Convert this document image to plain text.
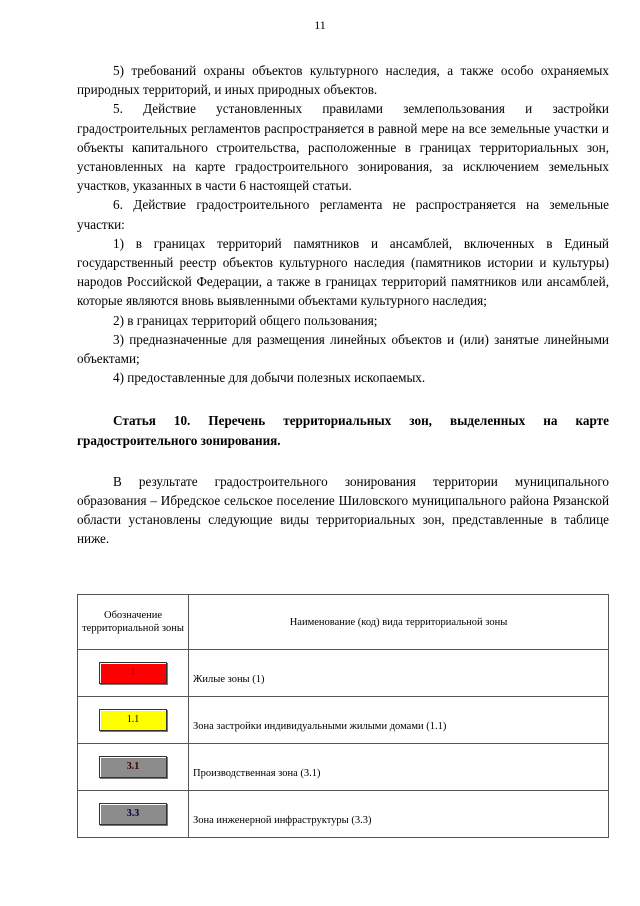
11

5) требований охраны объектов культурного наследия, а также особо охраняемых природных территорий, и иных природных объектов.

5. Действие установленных правилами землепользования и застройки градостроительных регламентов распространяется в равной мере на все земельные участки и объекты капитального строительства, расположенные в границах территориальных зон, установленных на карте градостроительного зонирования, за исключением земельных участков, указанных в части 6 настоящей статьи.

6. Действие градостроительного регламента не распространяется на земельные участки:

1) в границах территорий памятников и ансамблей, включенных в Единый государственный реестр объектов культурного наследия (памятников истории и культуры) народов Российской Федерации, а также в границах территорий памятников или ансамблей, которые являются вновь выявленными объектами культурного наследия;

2) в границах территорий общего пользования;

3) предназначенные для размещения линейных объектов и (или) занятые линейными объектами;

4) предоставленные для добычи полезных ископаемых.

Статья 10. Перечень территориальных зон, выделенных на карте градостроительного зонирования.

В результате градостроительного зонирования территории муниципального образования – Ибредское сельское поселение Шиловского муниципального района Рязанской области установлены следующие виды территориальных зон, представленные в таблице ниже.

Обозначение территориальной зоны	Наименование (код) вида территориальной зоны
1	Жилые зоны (1)
1.1	Зона застройки индивидуальными жилыми домами (1.1)
3.1	Производственная зона (3.1)
3.3	Зона инженерной инфраструктуры (3.3)
